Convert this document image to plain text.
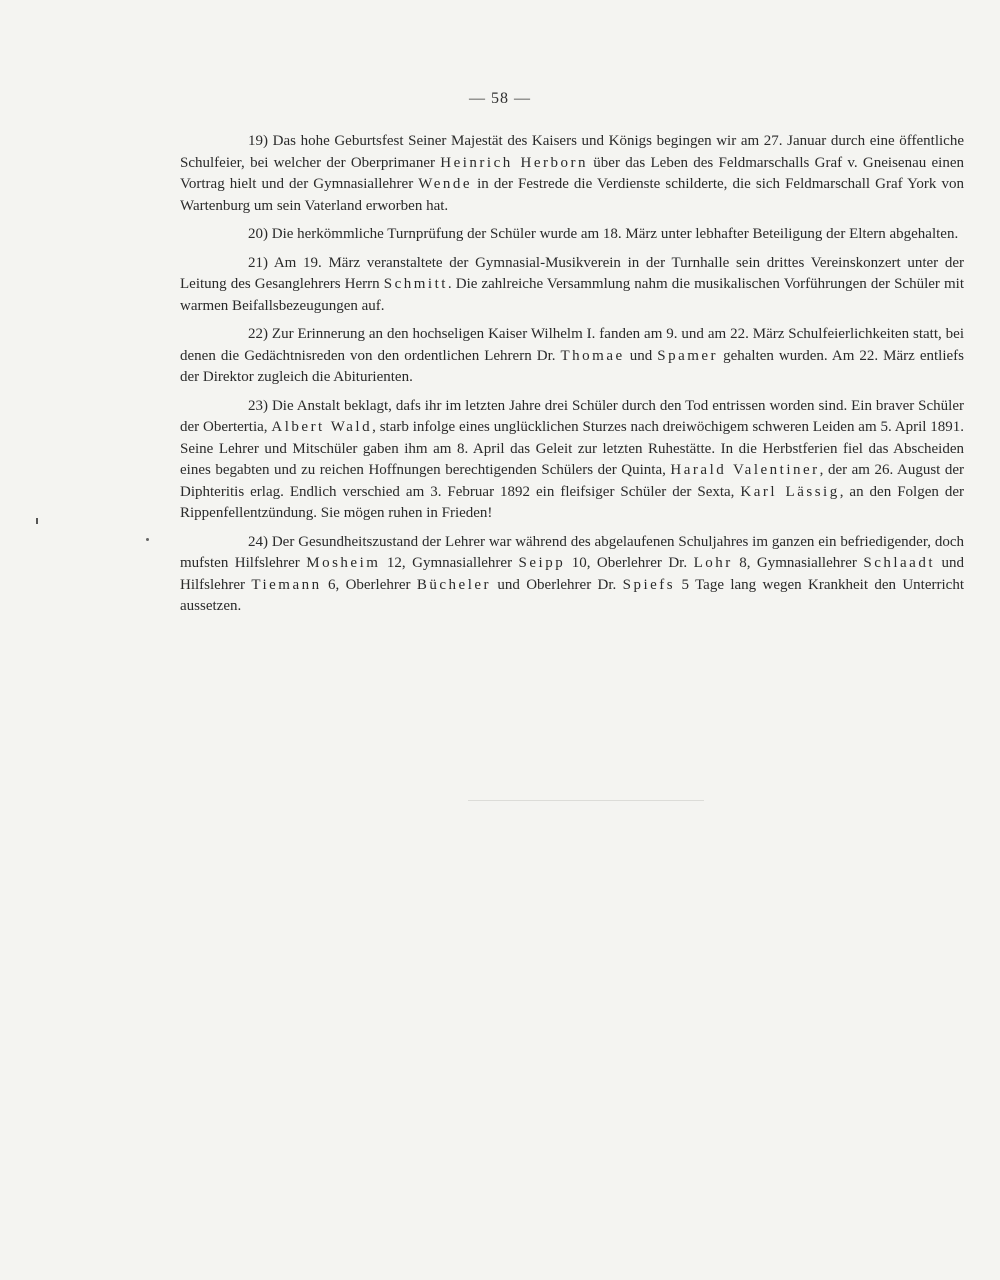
— 58 —

19) Das hohe Geburtsfest Seiner Majestät des Kaisers und Königs begingen wir am 27. Januar durch eine öffentliche Schulfeier, bei welcher der Oberprimaner Heinrich Herborn über das Leben des Feldmarschalls Graf v. Gneisenau einen Vortrag hielt und der Gymnasiallehrer Wende in der Festrede die Verdienste schilderte, die sich Feldmarschall Graf York von Wartenburg um sein Vaterland erworben hat.

20) Die herkömmliche Turnprüfung der Schüler wurde am 18. März unter lebhafter Beteiligung der Eltern abgehalten.

21) Am 19. März veranstaltete der Gymnasial-Musikverein in der Turnhalle sein drittes Vereinskonzert unter der Leitung des Gesanglehrers Herrn Schmitt. Die zahlreiche Versammlung nahm die musikalischen Vorführungen der Schüler mit warmen Beifallsbezeugungen auf.

22) Zur Erinnerung an den hochseligen Kaiser Wilhelm I. fanden am 9. und am 22. März Schulfeierlichkeiten statt, bei denen die Gedächtnisreden von den ordentlichen Lehrern Dr. Thomae und Spamer gehalten wurden. Am 22. März entliefs der Direktor zugleich die Abiturienten.

23) Die Anstalt beklagt, dafs ihr im letzten Jahre drei Schüler durch den Tod entrissen worden sind. Ein braver Schüler der Obertertia, Albert Wald, starb infolge eines unglücklichen Sturzes nach dreiwöchigem schweren Leiden am 5. April 1891. Seine Lehrer und Mitschüler gaben ihm am 8. April das Geleit zur letzten Ruhestätte. In die Herbstferien fiel das Abscheiden eines begabten und zu reichen Hoffnungen berechtigenden Schülers der Quinta, Harald Valentiner, der am 26. August der Diphteritis erlag. Endlich verschied am 3. Februar 1892 ein fleifsiger Schüler der Sexta, Karl Lässig, an den Folgen der Rippenfellentzündung. Sie mögen ruhen in Frieden!

24) Der Gesundheitszustand der Lehrer war während des abgelaufenen Schuljahres im ganzen ein befriedigender, doch mufsten Hilfslehrer Mosheim 12, Gymnasiallehrer Seipp 10, Oberlehrer Dr. Lohr 8, Gymnasiallehrer Schlaadt und Hilfslehrer Tiemann 6, Oberlehrer Bücheler und Oberlehrer Dr. Spiefs 5 Tage lang wegen Krankheit den Unterricht aussetzen.
